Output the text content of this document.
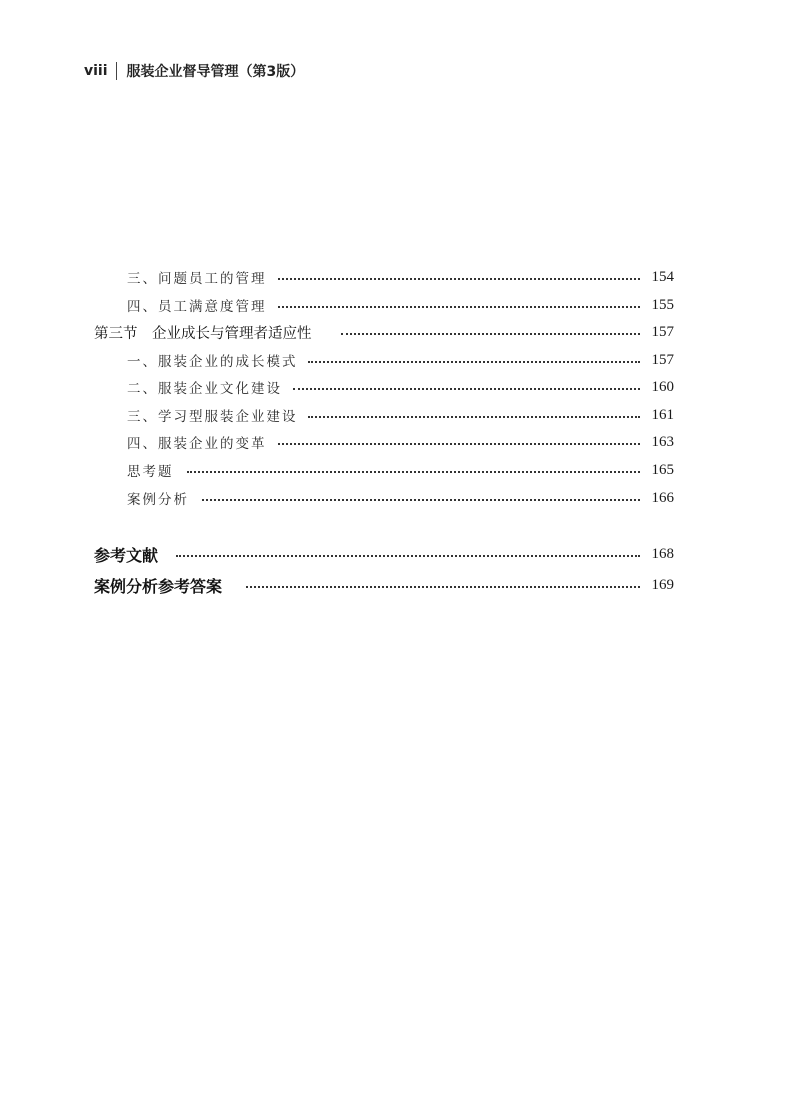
viii 服装企业督导管理（第3版）
三、问题员工的管理	154
四、员工满意度管理	155
第三节　企业成长与管理者适应性	157
一、服装企业的成长模式	157
二、服装企业文化建设	160
三、学习型服装企业建设	161
四、服装企业的变革	163
思考题	165
案例分析	166
参考文献	168
案例分析参考答案	169
